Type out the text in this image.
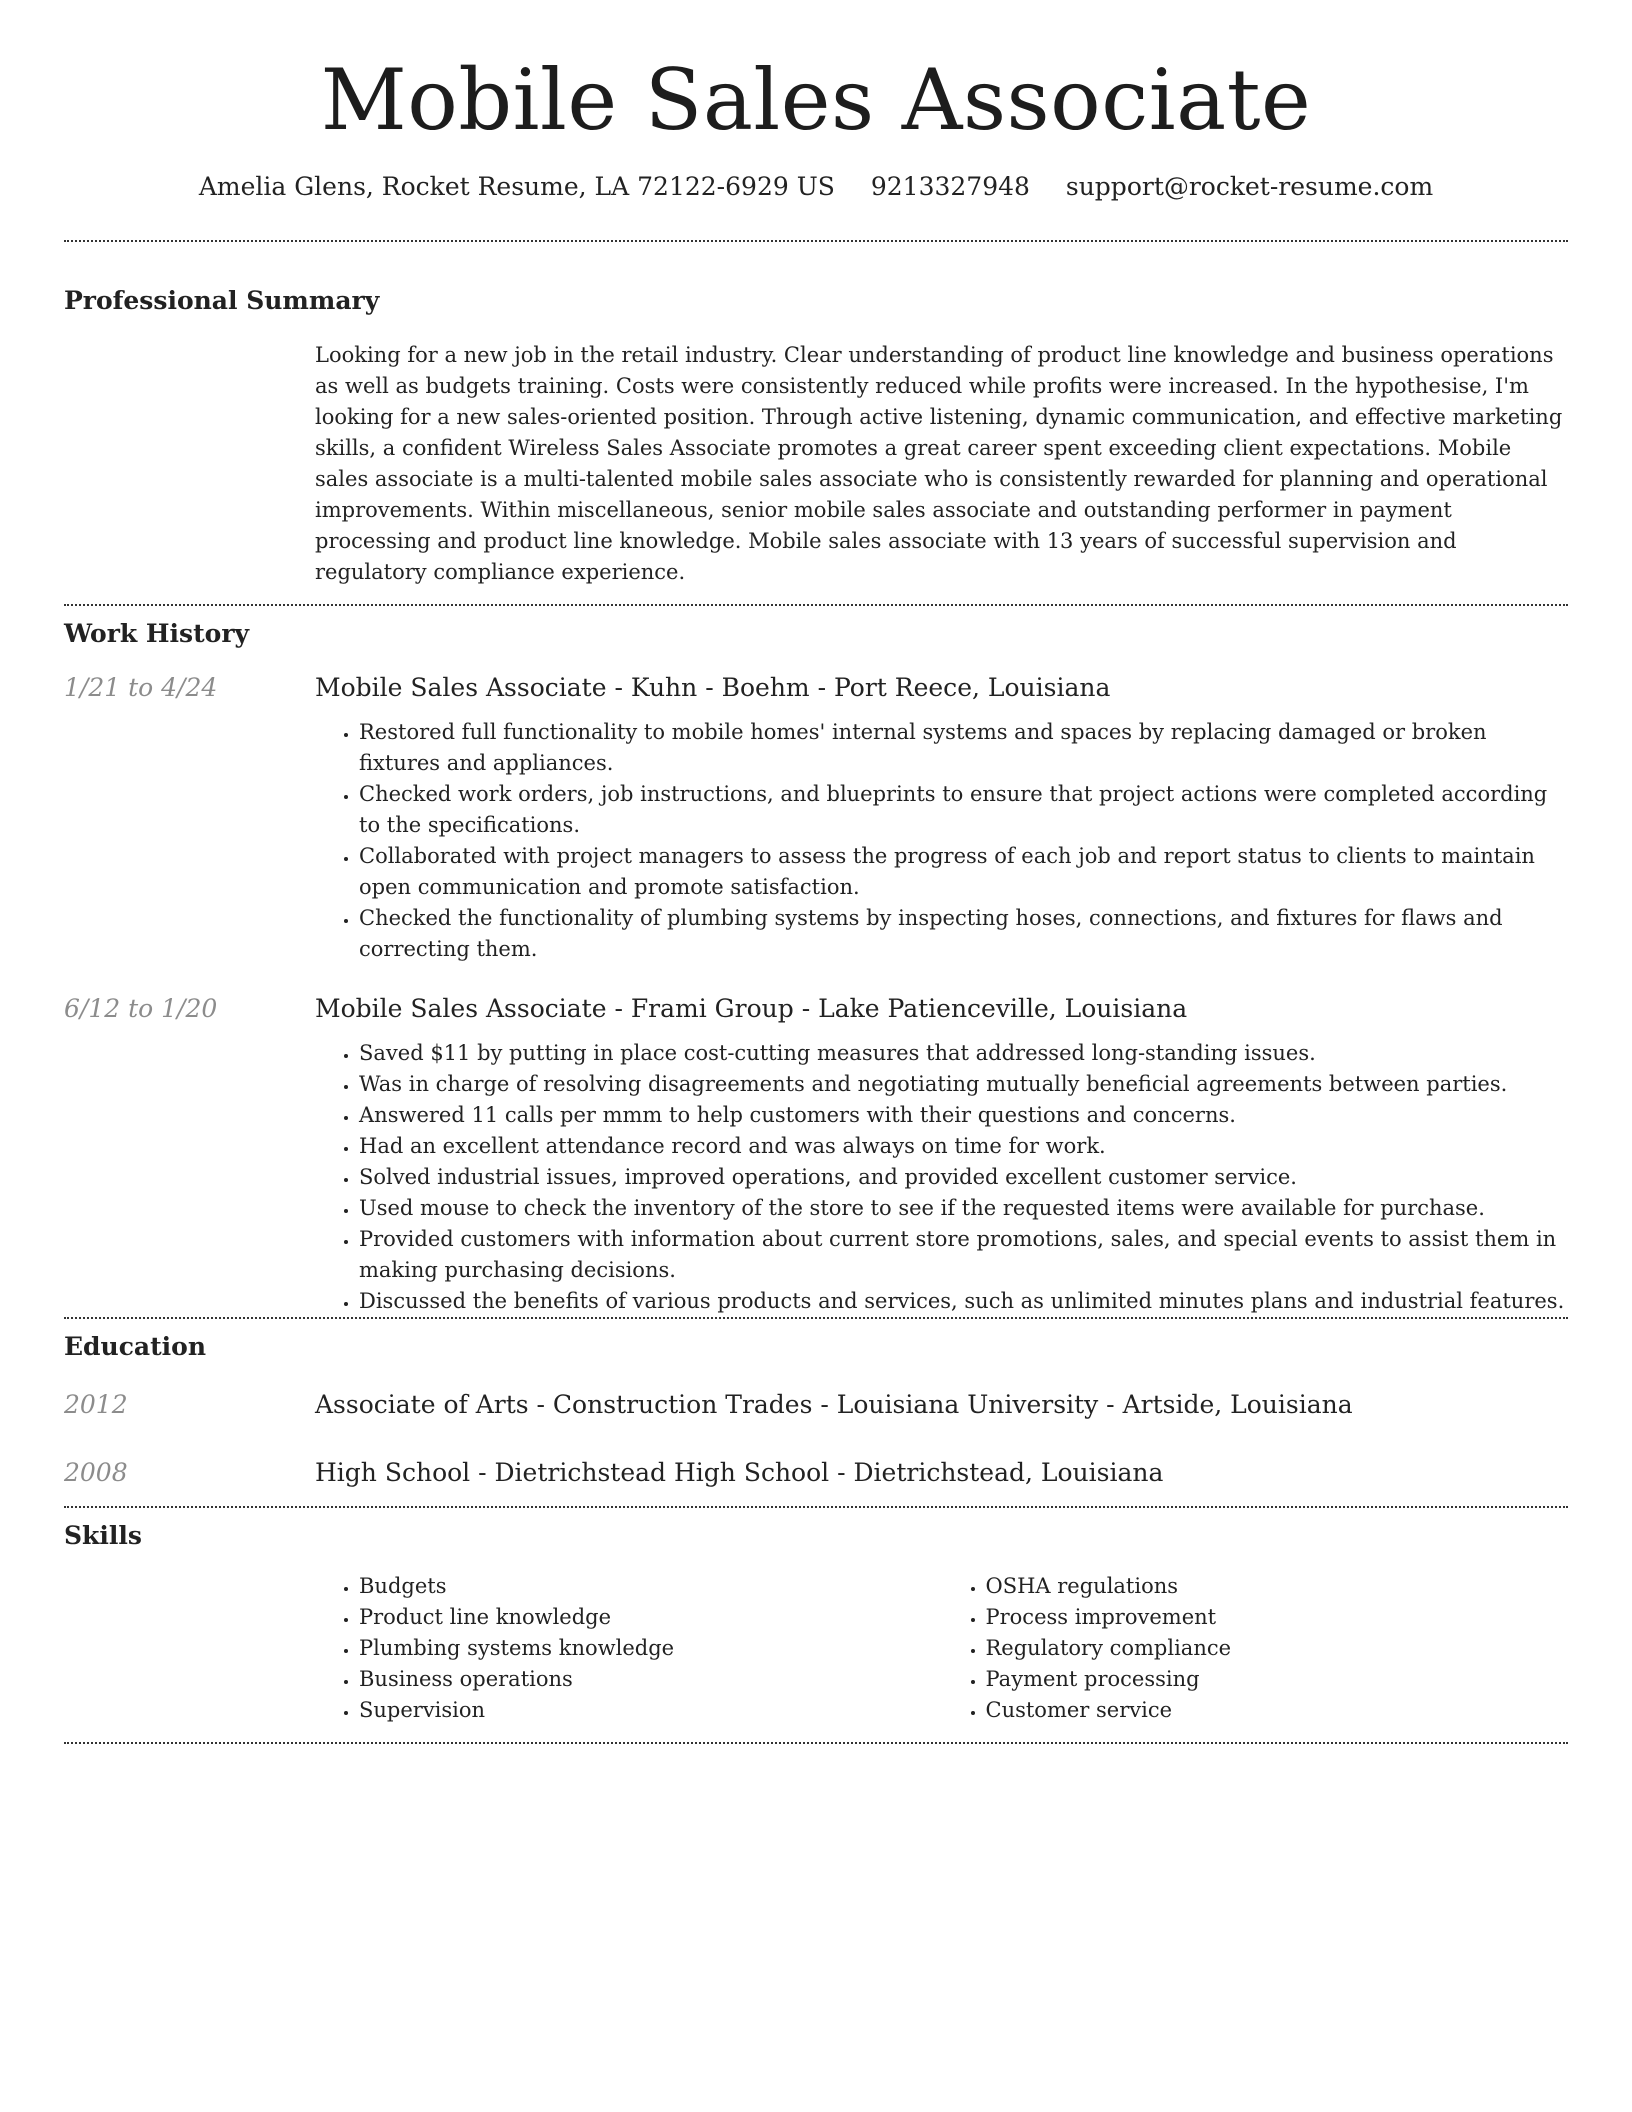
Mobile Sales Associate
Amelia Glens, Rocket Resume, LA 72122-6929 US 9213327948 support@rocket-resume.com
Professional Summary

Looking for a new job in the retail industry. Clear understanding of product line knowledge and business operations as well as budgets training. Costs were consistently reduced while profits were increased. In the hypothesise, I'm looking for a new sales-oriented position. Through active listening, dynamic communication, and effective marketing skills, a confident Wireless Sales Associate promotes a great career spent exceeding client expectations. Mobile sales associate is a multi-talented mobile sales associate who is consistently rewarded for planning and operational improvements. Within miscellaneous, senior mobile sales associate and outstanding performer in payment processing and product line knowledge. Mobile sales associate with 13 years of successful supervision and regulatory compliance experience.

Work History
1/21 to 4/24	Mobile Sales Associate - Kuhn - Boehm - Port Reece, Louisiana
• Restored full functionality to mobile homes' internal systems and spaces by replacing damaged or broken fixtures and appliances.
• Checked work orders, job instructions, and blueprints to ensure that project actions were completed according to the specifications.
• Collaborated with project managers to assess the progress of each job and report status to clients to maintain open communication and promote satisfaction.
• Checked the functionality of plumbing systems by inspecting hoses, connections, and fixtures for flaws and correcting them.
6/12 to 1/20	Mobile Sales Associate - Frami Group - Lake Patienceville, Louisiana
• Saved $11 by putting in place cost-cutting measures that addressed long-standing issues.
• Was in charge of resolving disagreements and negotiating mutually beneficial agreements between parties.
• Answered 11 calls per mmm to help customers with their questions and concerns.
• Had an excellent attendance record and was always on time for work.
• Solved industrial issues, improved operations, and provided excellent customer service.
• Used mouse to check the inventory of the store to see if the requested items were available for purchase.
• Provided customers with information about current store promotions, sales, and special events to assist them in making purchasing decisions.
• Discussed the benefits of various products and services, such as unlimited minutes plans and industrial features.
Education
2012	Associate of Arts - Construction Trades - Louisiana University - Artside, Louisiana
2008	High School - Dietrichstead High School - Dietrichstead, Louisiana
Skills
• Budgets
• Product line knowledge
• Plumbing systems knowledge
• Business operations
• Supervision
• OSHA regulations
• Process improvement
• Regulatory compliance
• Payment processing
• Customer service
